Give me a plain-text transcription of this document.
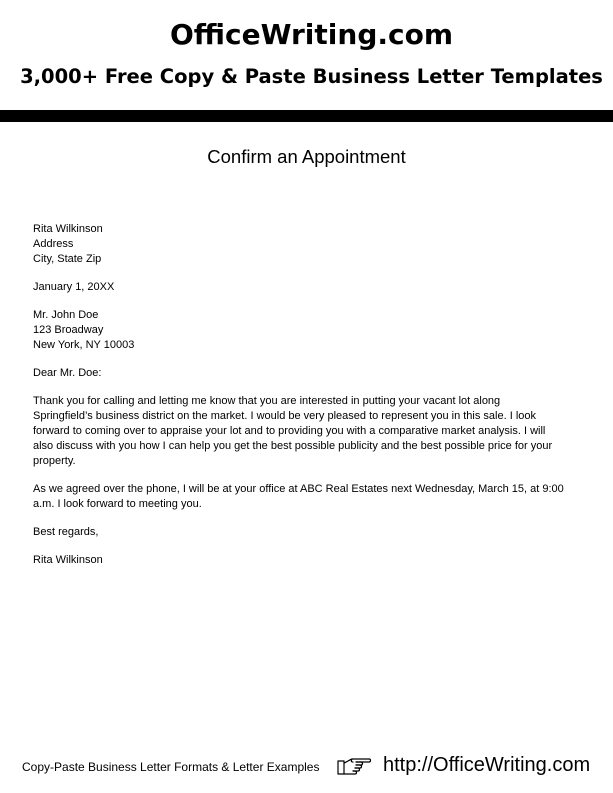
OfficeWriting.com
3,000+ Free Copy & Paste Business Letter Templates
Confirm an Appointment

Rita Wilkinson

Address

City, State Zip

January 1, 20XX

Mr. John Doe

123 Broadway

New York, NY 10003

Dear Mr. Doe:

Thank you for calling and letting me know that you are interested in putting your vacant lot along

Springfield’s business district on the market. I would be very pleased to represent you in this sale. I look

forward to coming over to appraise your lot and to providing you with a comparative market analysis. I will

also discuss with you how I can help you get the best possible publicity and the best possible price for your

property.

As we agreed over the phone, I will be at your office at ABC Real Estates next Wednesday, March 15, at 9:00

a.m. I look forward to meeting you.

Best regards,

Rita Wilkinson

Copy-Paste Business Letter Formats & Letter Examples	http://OfficeWriting.com
